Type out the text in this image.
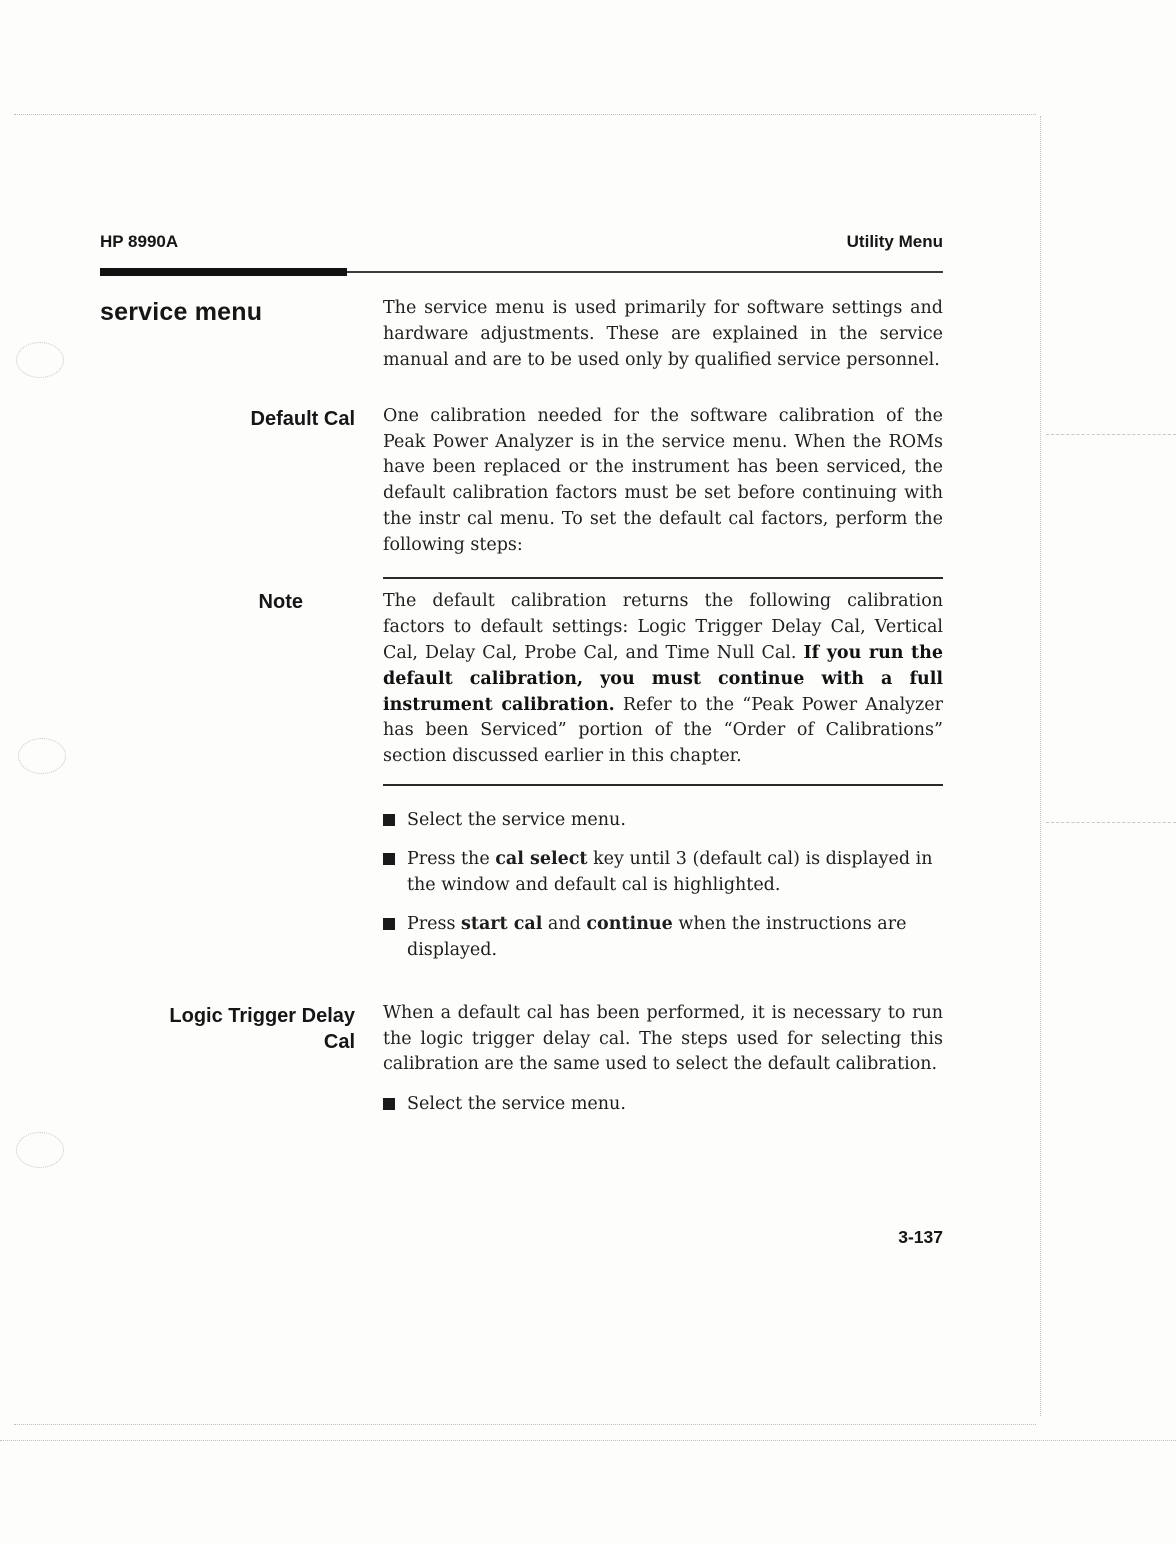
HP 8990A	Utility Menu
service menu	The service menu is used primarily for software settings and hardware adjustments. These are explained in the service manual and are to be used only by qualified service personnel.
Default Cal One calibration needed for the software calibration of the Peak Power Analyzer is in the service menu. When the ROMs have been replaced or the instrument has been serviced, the default calibration factors must be set before continuing with the instr cal menu. To set the default cal factors, perform the following steps:
Note	The default calibration returns the following calibration factors to default settings: Logic Trigger Delay Cal, Vertical Cal, Delay Cal, Probe Cal, and Time Null Cal. If you run the default calibration, you must continue with a full instrument calibration. Refer to the “Peak Power Analyzer has been Serviced” portion of the “Order of Calibrations” section discussed earlier in this chapter.
Select the service menu.
Press the cal select key until 3 (default cal) is displayed in the window and default cal is highlighted.
Press start cal and continue when the instructions are displayed.
Logic Trigger Delay
Cal
When a default cal has been performed, it is necessary to run the logic trigger delay cal. The steps used for selecting this calibration are the same used to select the default calibration.
Select the service menu.
3-137
